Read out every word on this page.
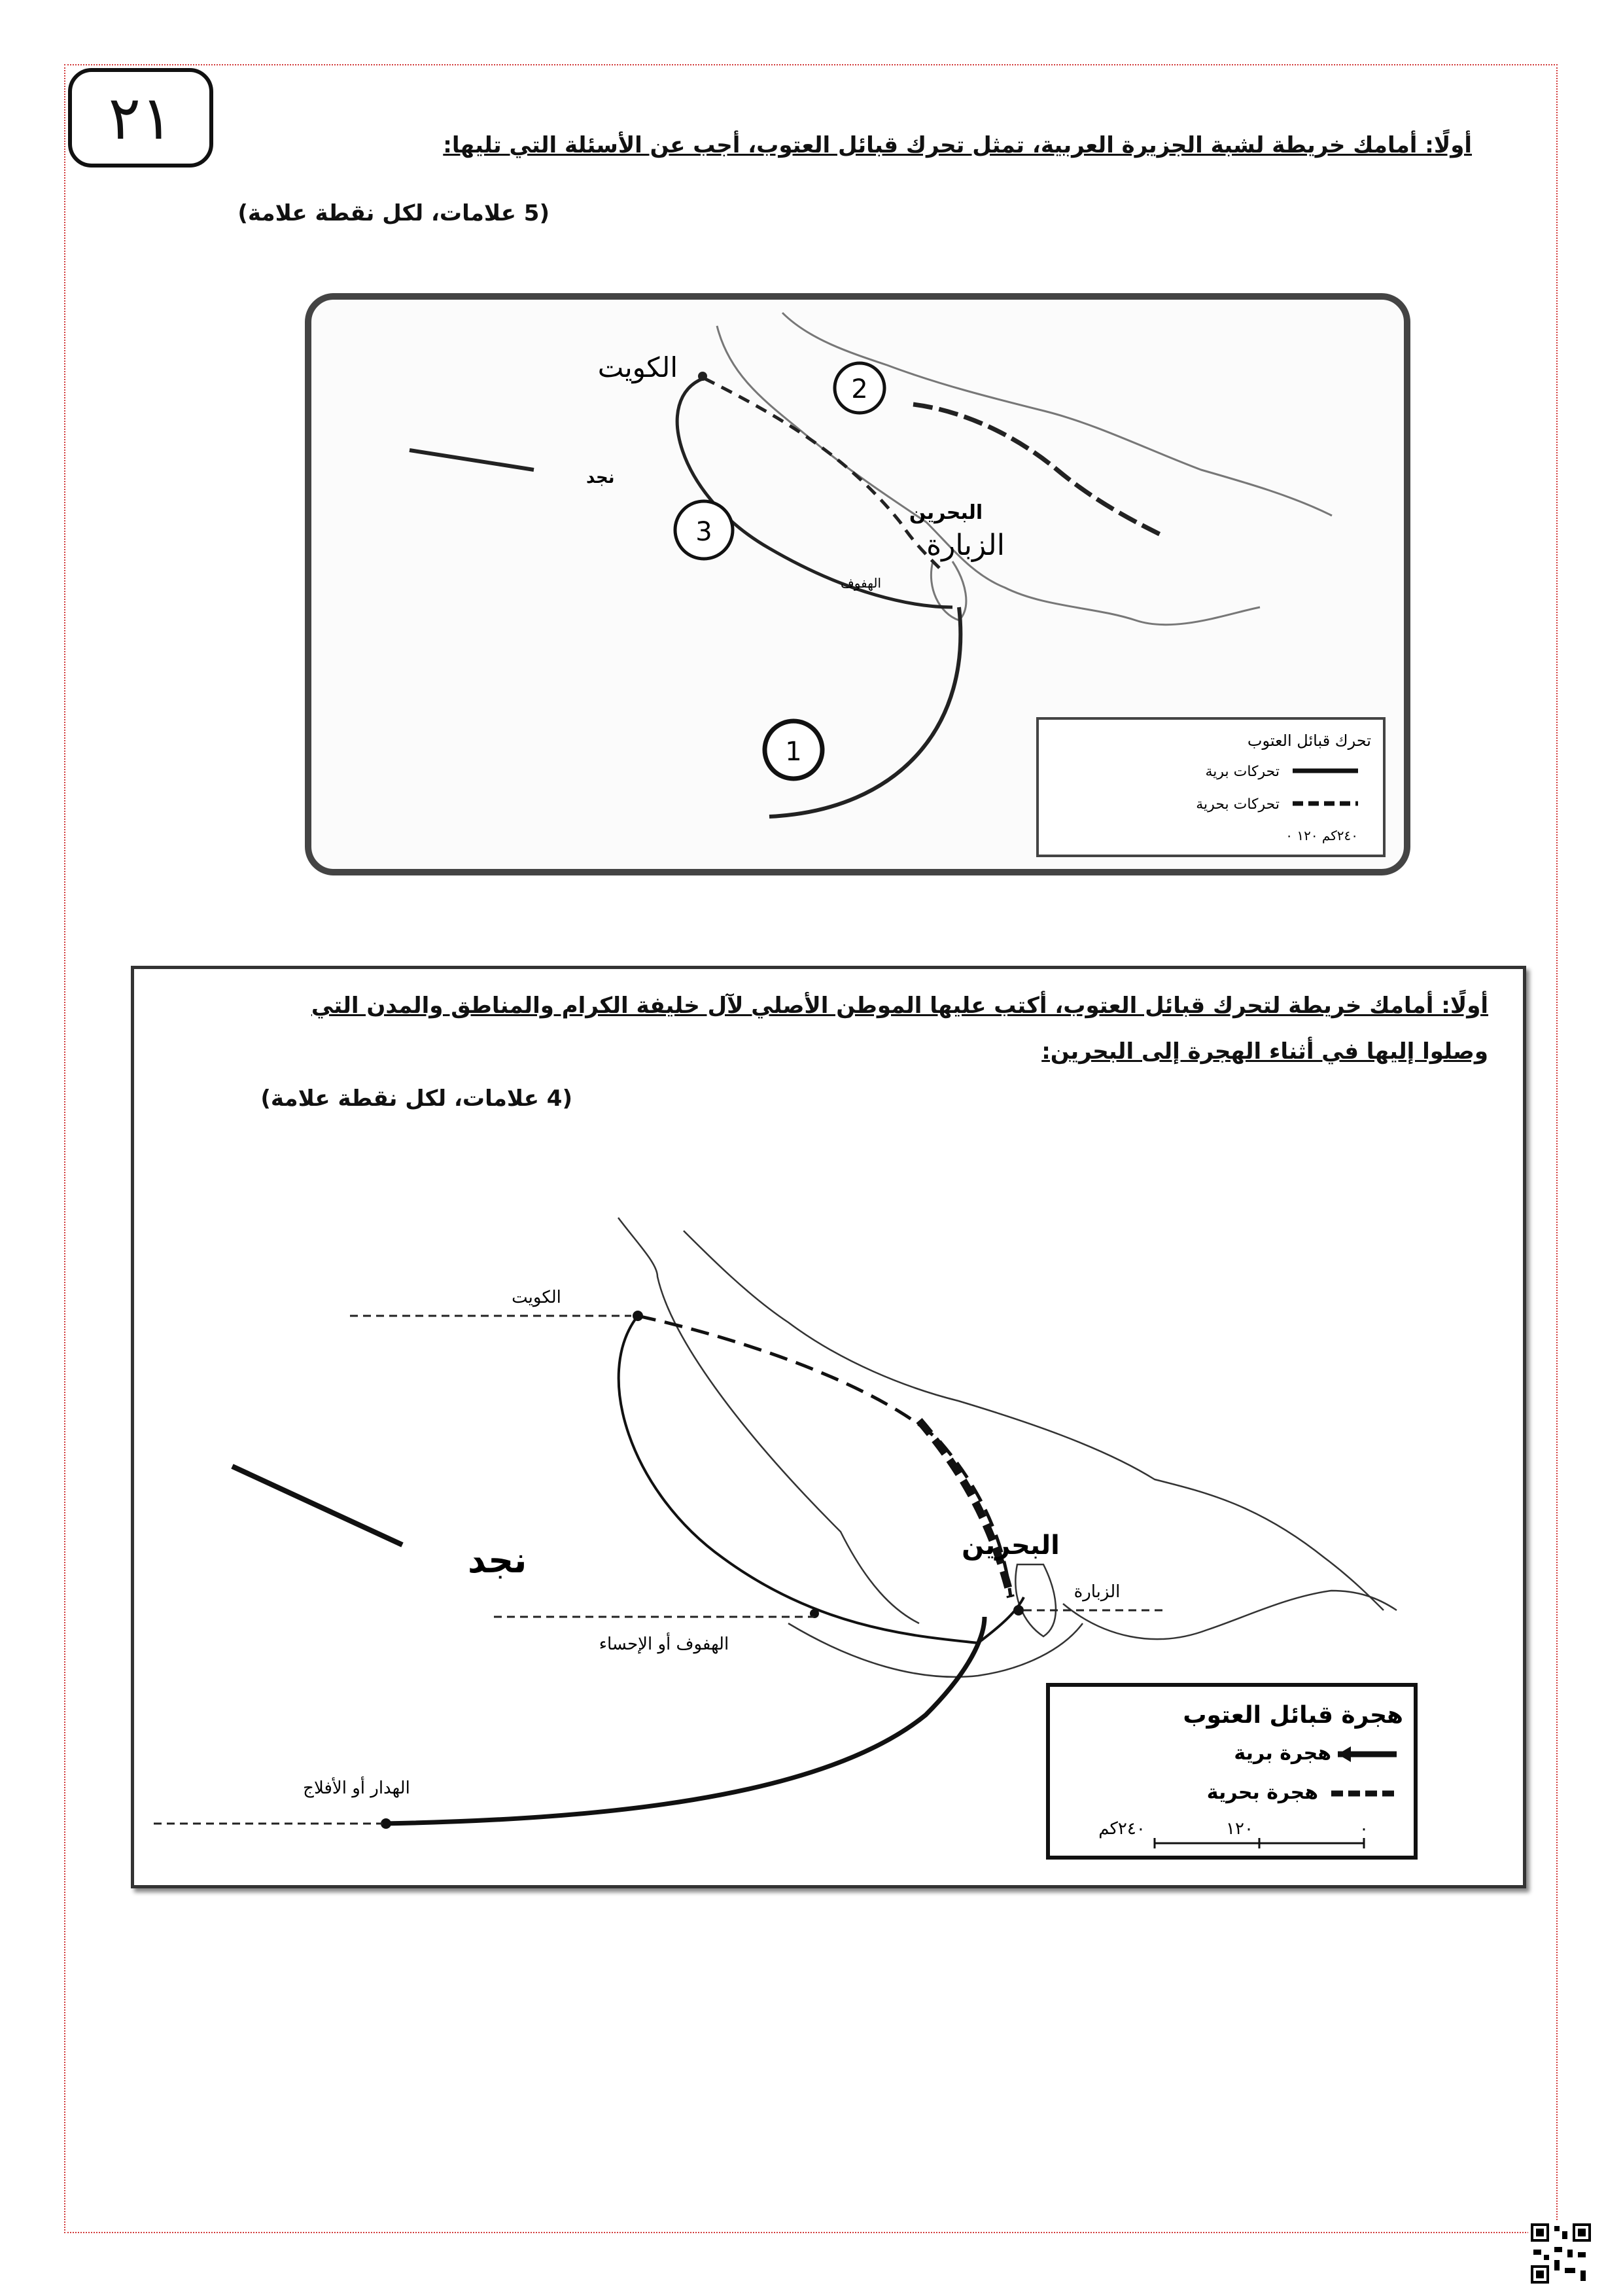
٢١	أولًا: أمامك خريطة لشبة الجزيرة العربية، تمثل تحرك قبائل العتوب، أجب عن الأسئلة التي تليها:
(5 علامات، لكل نقطة علامة)
نجد
الكويت
الزبارة
البحرين
الهفوف
2
3
1	تحرك قبائل العتوب
تحركات برية
تحركات بحرية
٢٤٠كم ١٢٠ ٠
أولًا: أمامك خريطة لتحرك قبائل العتوب، أكتب عليها الموطن الأصلي لآل خليفة الكرام والمناطق والمدن التي
وصلوا إليها في أثناء الهجرة إلى البحرين:
(4 علامات، لكل نقطة علامة)
نجد
الكويت
البحرين
الزبارة
الهفوف أو الإحساء
الهدار أو الأفلاج
هجرة قبائل العتوب
هجرة برية
هجرة بحرية
٢٤٠كم	١٢٠	٠
